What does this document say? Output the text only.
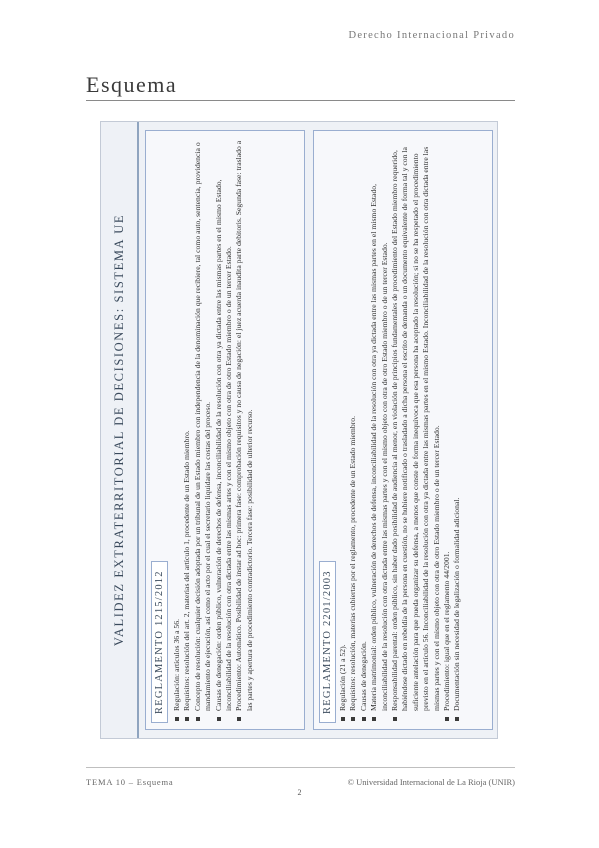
Derecho Internacional Privado
Esquema
VALIDEZ EXTRATERRITORIAL DE DECISIONES: SISTEMA UE	REGLAMENTO 1215/2012 Regulación: artículos 36 a 56. Requisitos: resolución del art. 2, materias del artículo 1, procedente de un Estado miembro. Concepto de resolución: cualquier decisión adoptada por un tribunal de un Estado miembro con independencia de la denominación que recibiere, tal como auto, sentencia, providencia o mandamiento de ejecución, así como el acto por el cual el secretario liquidare las costas del proceso. Causas de denegación: orden público, vulneración de derechos de defensa, inconciliabilidad de la resolución con otra ya dictada entre las mismas partes en el mismo Estado, inconciliabilidad de la resolución con otra dictada entre las mismas artes y con el mismo objeto con otra de otro Estado miembro o de un tercer Estado. Procedimiento: Automático. Posibilidad de instar ad hoc: primera fase: comprobación requisitos y no causa de negación: el juez acuerda inaudita parte debitoris. Segunda fase: traslado a las partes y apertura de procedimiento contradictorio. Tercera fase: posibilidad de ulterior recurso.	REGLAMENTO 2201/2003 Regulación (21 a 52). Requisitos: resolución, materias cubiertas por el reglamento, procedente de un Estado miembro. Causas de denegación. Materia matrimonial: orden público, vulneración de derechos de defensa, inconciliabilidad de la resolución con otra ya dictada entre las mismas partes en el mismo Estado, inconciliabilidad de la resolución con otra dictada entre las mismas partes y con el mismo objeto con otra de otro Estado miembro o de un tercer Estado. Responsabilidad parental: orden público, sin haber dado posibilidad de audiencia al menor, en violación de principios fundamentales de procedimiento del Estado miembro requerido, habiéndose dictado en rebeldía de la persona en cuestión, no se hubiere notificado o trasladado a dicha persona el escrito de demanda o un documento equivalente de forma tal y con la suficiente antelación para que pueda organizar su defensa, a menos que conste de forma inequívoca que esa persona ha aceptado la resolución; si no se ha respetado el procedimiento previsto en el artículo 56. Inconciliabilidad de la resolución con otra ya dictada entre las mismas partes en el mismo Estado. Inconciliabilidad de la resolución con otra dictada entre las mismas partes y con el mismo objeto con otra de otro Estado miembro o de un tercer Estado. Procedimiento: igual que en el reglamento 44/2001. Documentación sin necesidad de legalización o formalidad adicional.
TEMA 10 – Esquema	© Universidad Internacional de La Rioja (UNIR)
2
